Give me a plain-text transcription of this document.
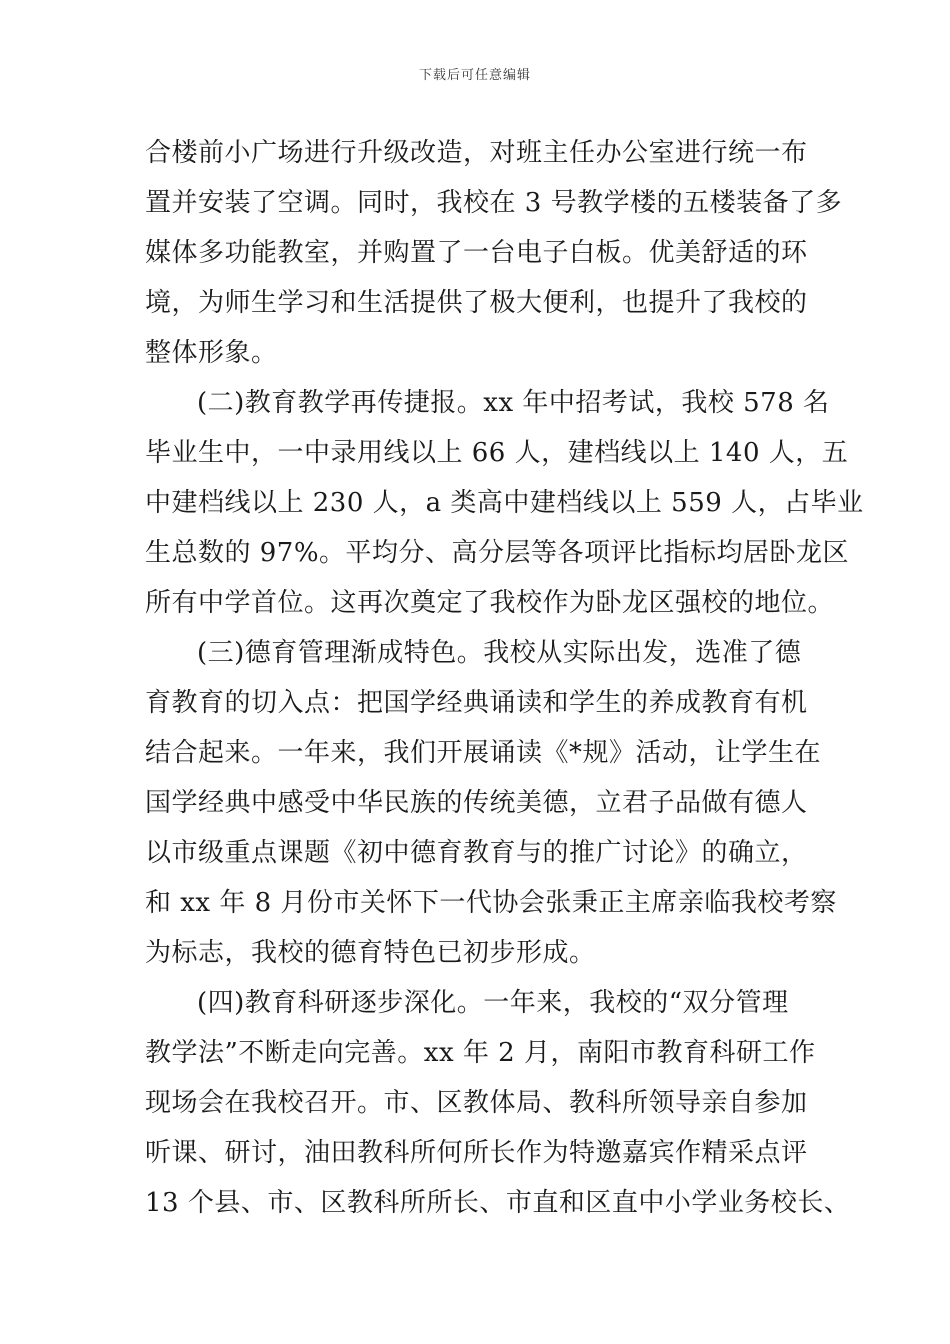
下载后可任意编辑
合楼前小广场进行升级改造，对班主任办公室进行统一布
置并安装了空调。同时，我校在 3 号教学楼的五楼装备了多
媒体多功能教室，并购置了一台电子白板。优美舒适的环
境，为师生学习和生活提供了极大便利，也提升了我校的
整体形象。
(二)教育教学再传捷报。xx 年中招考试，我校 578 名
毕业生中，一中录用线以上 66 人，建档线以上 140 人，五
中建档线以上 230 人，a 类高中建档线以上 559 人，占毕业
生总数的 97%。平均分、高分层等各项评比指标均居卧龙区
所有中学首位。这再次奠定了我校作为卧龙区强校的地位。
(三)德育管理渐成特色。我校从实际出发，选准了德
育教育的切入点：把国学经典诵读和学生的养成教育有机
结合起来。一年来，我们开展诵读《*规》活动，让学生在
国学经典中感受中华民族的传统美德，立君子品做有德人
以市级重点课题《初中德育教育与的推广讨论》的确立，
和 xx 年 8 月份市关怀下一代协会张秉正主席亲临我校考察
为标志，我校的德育特色已初步形成。
(四)教育科研逐步深化。一年来，我校的“双分管理
教学法”不断走向完善。xx 年 2 月，南阳市教育科研工作
现场会在我校召开。市、区教体局、教科所领导亲自参加
听课、研讨，油田教科所何所长作为特邀嘉宾作精采点评
13 个县、市、区教科所所长、市直和区直中小学业务校长、
